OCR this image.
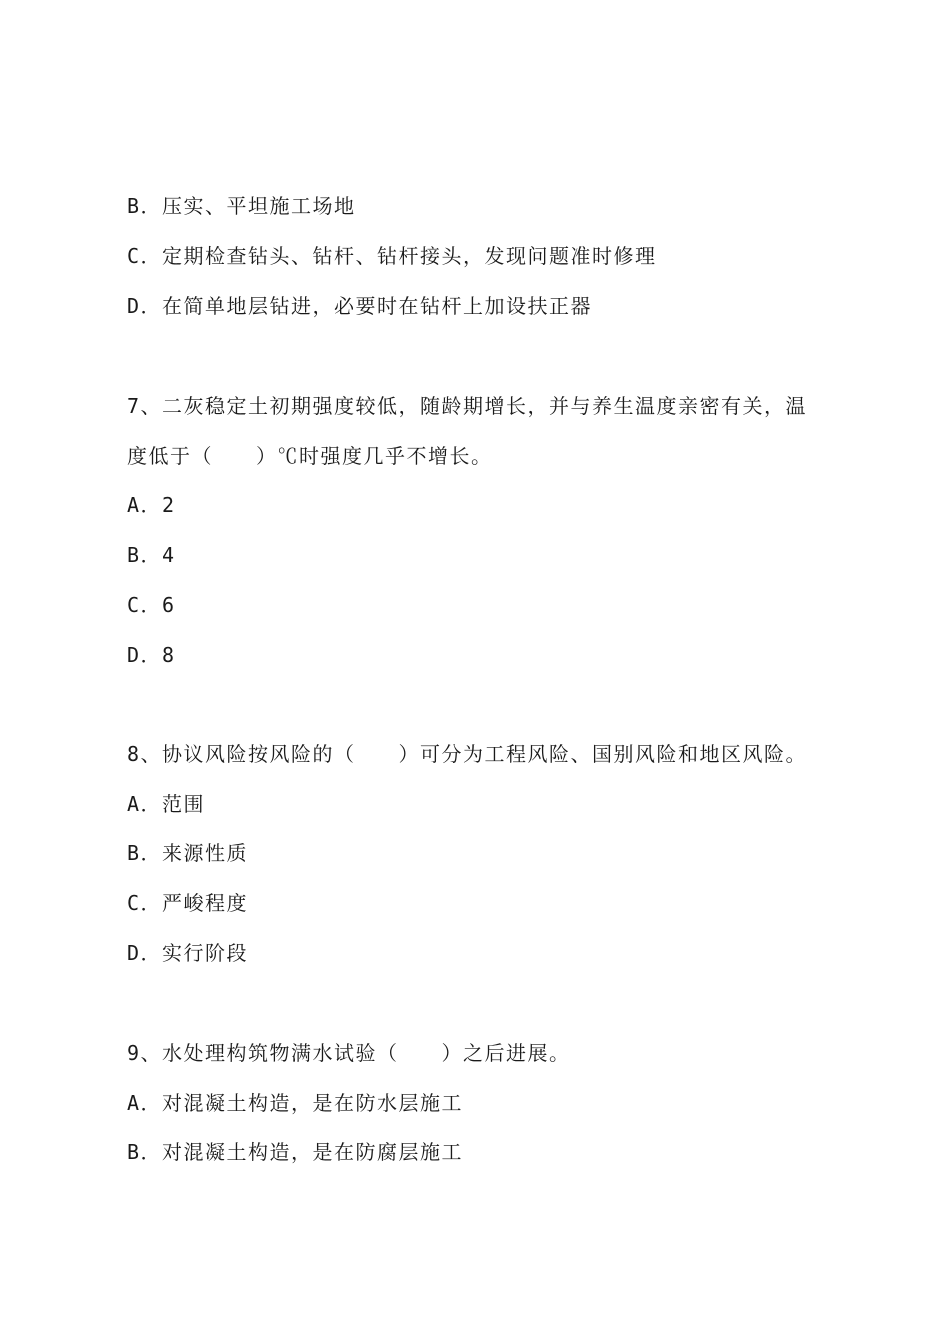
B．压实、平坦施工场地
C．定期检查钻头、钻杆、钻杆接头，发现问题准时修理
D．在简单地层钻进，必要时在钻杆上加设扶正器
7、二灰稳定土初期强度较低，随龄期增长，并与养生温度亲密有关，温
度低于（　　）℃时强度几乎不增长。
A．2
B．4
C．6
D．8
8、协议风险按风险的（　　）可分为工程风险、国别风险和地区风险。
A．范围
B．来源性质
C．严峻程度
D．实行阶段
9、水处理构筑物满水试验（　　）之后进展。
A．对混凝土构造，是在防水层施工
B．对混凝土构造，是在防腐层施工
